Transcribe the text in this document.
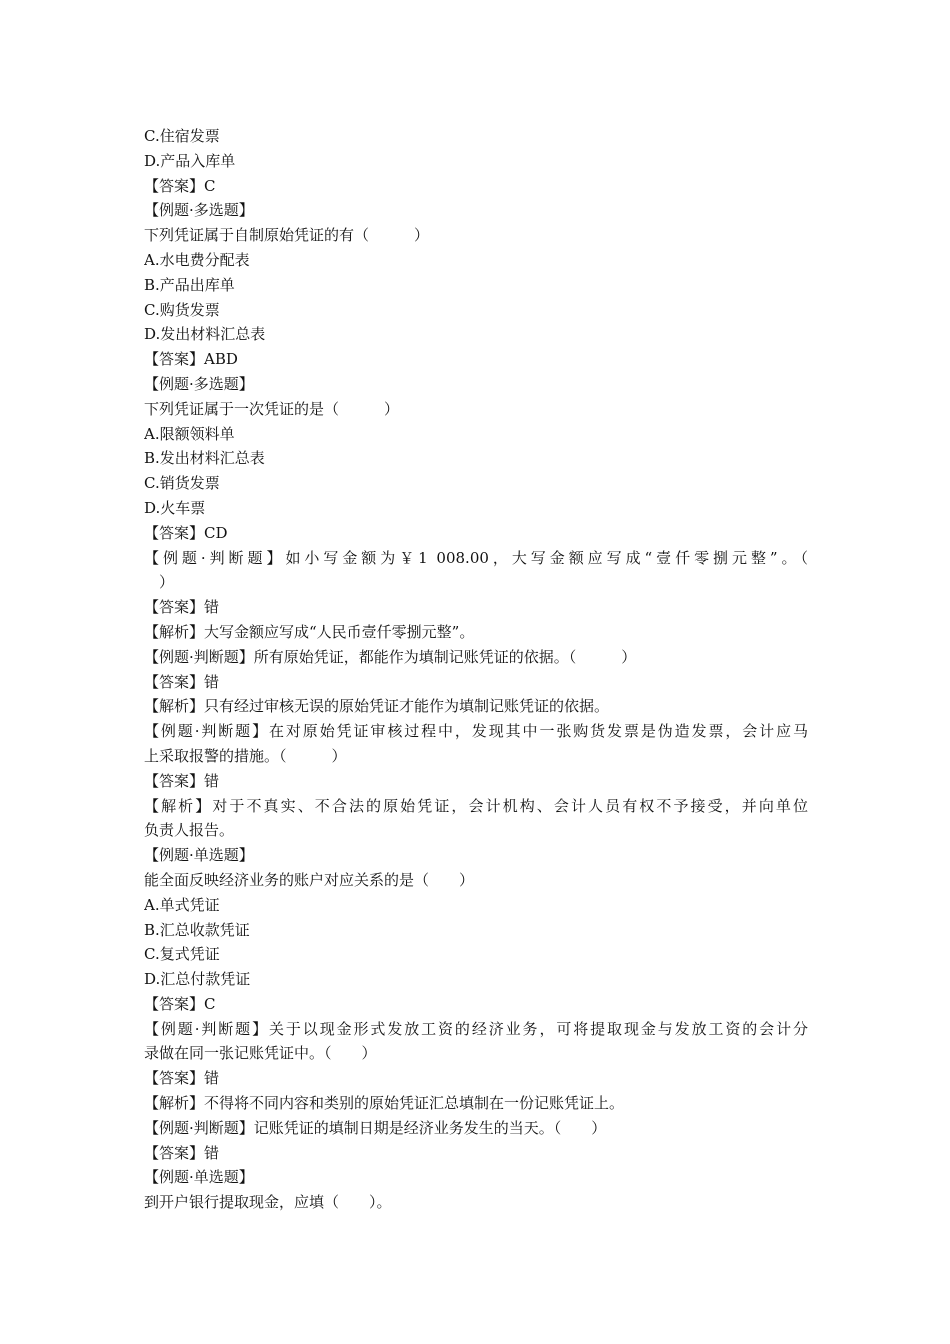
C.住宿发票
D.产品入库单
【答案】C
【例题·多选题】
下列凭证属于自制原始凭证的有（　　　）
A.水电费分配表
B.产品出库单
C.购货发票
D.发出材料汇总表
【答案】ABD
【例题·多选题】
下列凭证属于一次凭证的是（　　　）
A.限额领料单
B.发出材料汇总表
C.销货发票
D.火车票
【答案】CD
【例题·判断题】如小写金额为￥1 008.00，大写金额应写成“壹仟零捌元整”。（
　）
【答案】错
【解析】大写金额应写成“人民币壹仟零捌元整”。
【例题·判断题】所有原始凭证，都能作为填制记账凭证的依据。（　　　）
【答案】错
【解析】只有经过审核无误的原始凭证才能作为填制记账凭证的依据。
【例题·判断题】在对原始凭证审核过程中，发现其中一张购货发票是伪造发票，会计应马
上采取报警的措施。（　　　）
【答案】错
【解析】对于不真实、不合法的原始凭证，会计机构、会计人员有权不予接受，并向单位
负责人报告。
【例题·单选题】
能全面反映经济业务的账户对应关系的是（　　）
A.单式凭证
B.汇总收款凭证
C.复式凭证
D.汇总付款凭证
【答案】C
【例题·判断题】关于以现金形式发放工资的经济业务，可将提取现金与发放工资的会计分
录做在同一张记账凭证中。（　　）
【答案】错
【解析】不得将不同内容和类别的原始凭证汇总填制在一份记账凭证上。
【例题·判断题】记账凭证的填制日期是经济业务发生的当天。（　　）
【答案】错
【例题·单选题】
到开户银行提取现金，应填（　　）。
